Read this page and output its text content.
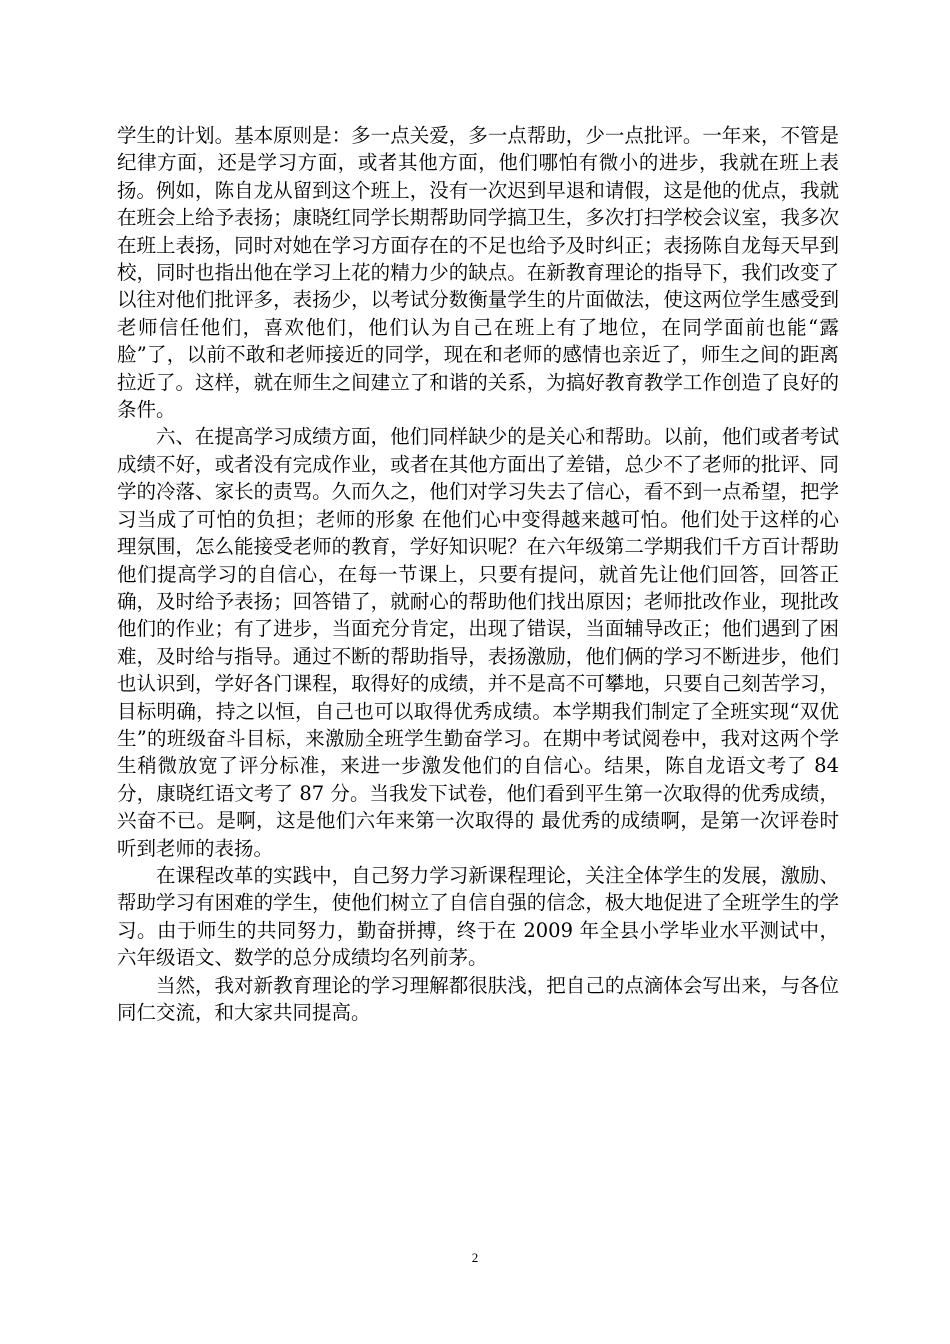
学生的计划。基本原则是：多一点关爱，多一点帮助，少一点批评。一年来，不管是纪律方面，还是学习方面，或者其他方面，他们哪怕有微小的进步，我就在班上表扬。例如，陈自龙从留到这个班上，没有一次迟到早退和请假，这是他的优点，我就在班会上给予表扬；康晓红同学长期帮助同学搞卫生，多次打扫学校会议室，我多次在班上表扬，同时对她在学习方面存在的不足也给予及时纠正；表扬陈自龙每天早到校，同时也指出他在学习上花的精力少的缺点。在新教育理论的指导下，我们改变了以往对他们批评多，表扬少，以考试分数衡量学生的片面做法，使这两位学生感受到老师信任他们，喜欢他们，他们认为自己在班上有了地位，在同学面前也能“露脸”了，以前不敢和老师接近的同学，现在和老师的感情也亲近了，师生之间的距离拉近了。这样，就在师生之间建立了和谐的关系，为搞好教育教学工作创造了良好的条件。

六、在提高学习成绩方面，他们同样缺少的是关心和帮助。以前，他们或者考试成绩不好，或者没有完成作业，或者在其他方面出了差错，总少不了老师的批评、同学的冷落、家长的责骂。久而久之，他们对学习失去了信心，看不到一点希望，把学习当成了可怕的负担；老师的形象 在他们心中变得越来越可怕。他们处于这样的心理氛围，怎么能接受老师的教育，学好知识呢？在六年级第二学期我们千方百计帮助他们提高学习的自信心，在每一节课上，只要有提问，就首先让他们回答，回答正确，及时给予表扬；回答错了，就耐心的帮助他们找出原因；老师批改作业，现批改他们的作业；有了进步，当面充分肯定，出现了错误，当面辅导改正；他们遇到了困难，及时给与指导。通过不断的帮助指导，表扬激励，他们俩的学习不断进步，他们也认识到，学好各门课程，取得好的成绩，并不是高不可攀地，只要自己刻苦学习，目标明确，持之以恒，自己也可以取得优秀成绩。本学期我们制定了全班实现“双优生”的班级奋斗目标，来激励全班学生勤奋学习。在期中考试阅卷中，我对这两个学生稍微放宽了评分标准，来进一步激发他们的自信心。结果，陈自龙语文考了 84 分，康晓红语文考了 87 分。当我发下试卷，他们看到平生第一次取得的优秀成绩，兴奋不已。是啊，这是他们六年来第一次取得的 最优秀的成绩啊，是第一次评卷时听到老师的表扬。

在课程改革的实践中，自己努力学习新课程理论，关注全体学生的发展，激励、帮助学习有困难的学生，使他们树立了自信自强的信念，极大地促进了全班学生的学习。由于师生的共同努力，勤奋拼搏，终于在 2009 年全县小学毕业水平测试中，六年级语文、数学的总分成绩均名列前茅。

当然，我对新教育理论的学习理解都很肤浅，把自己的点滴体会写出来，与各位同仁交流，和大家共同提高。

2
